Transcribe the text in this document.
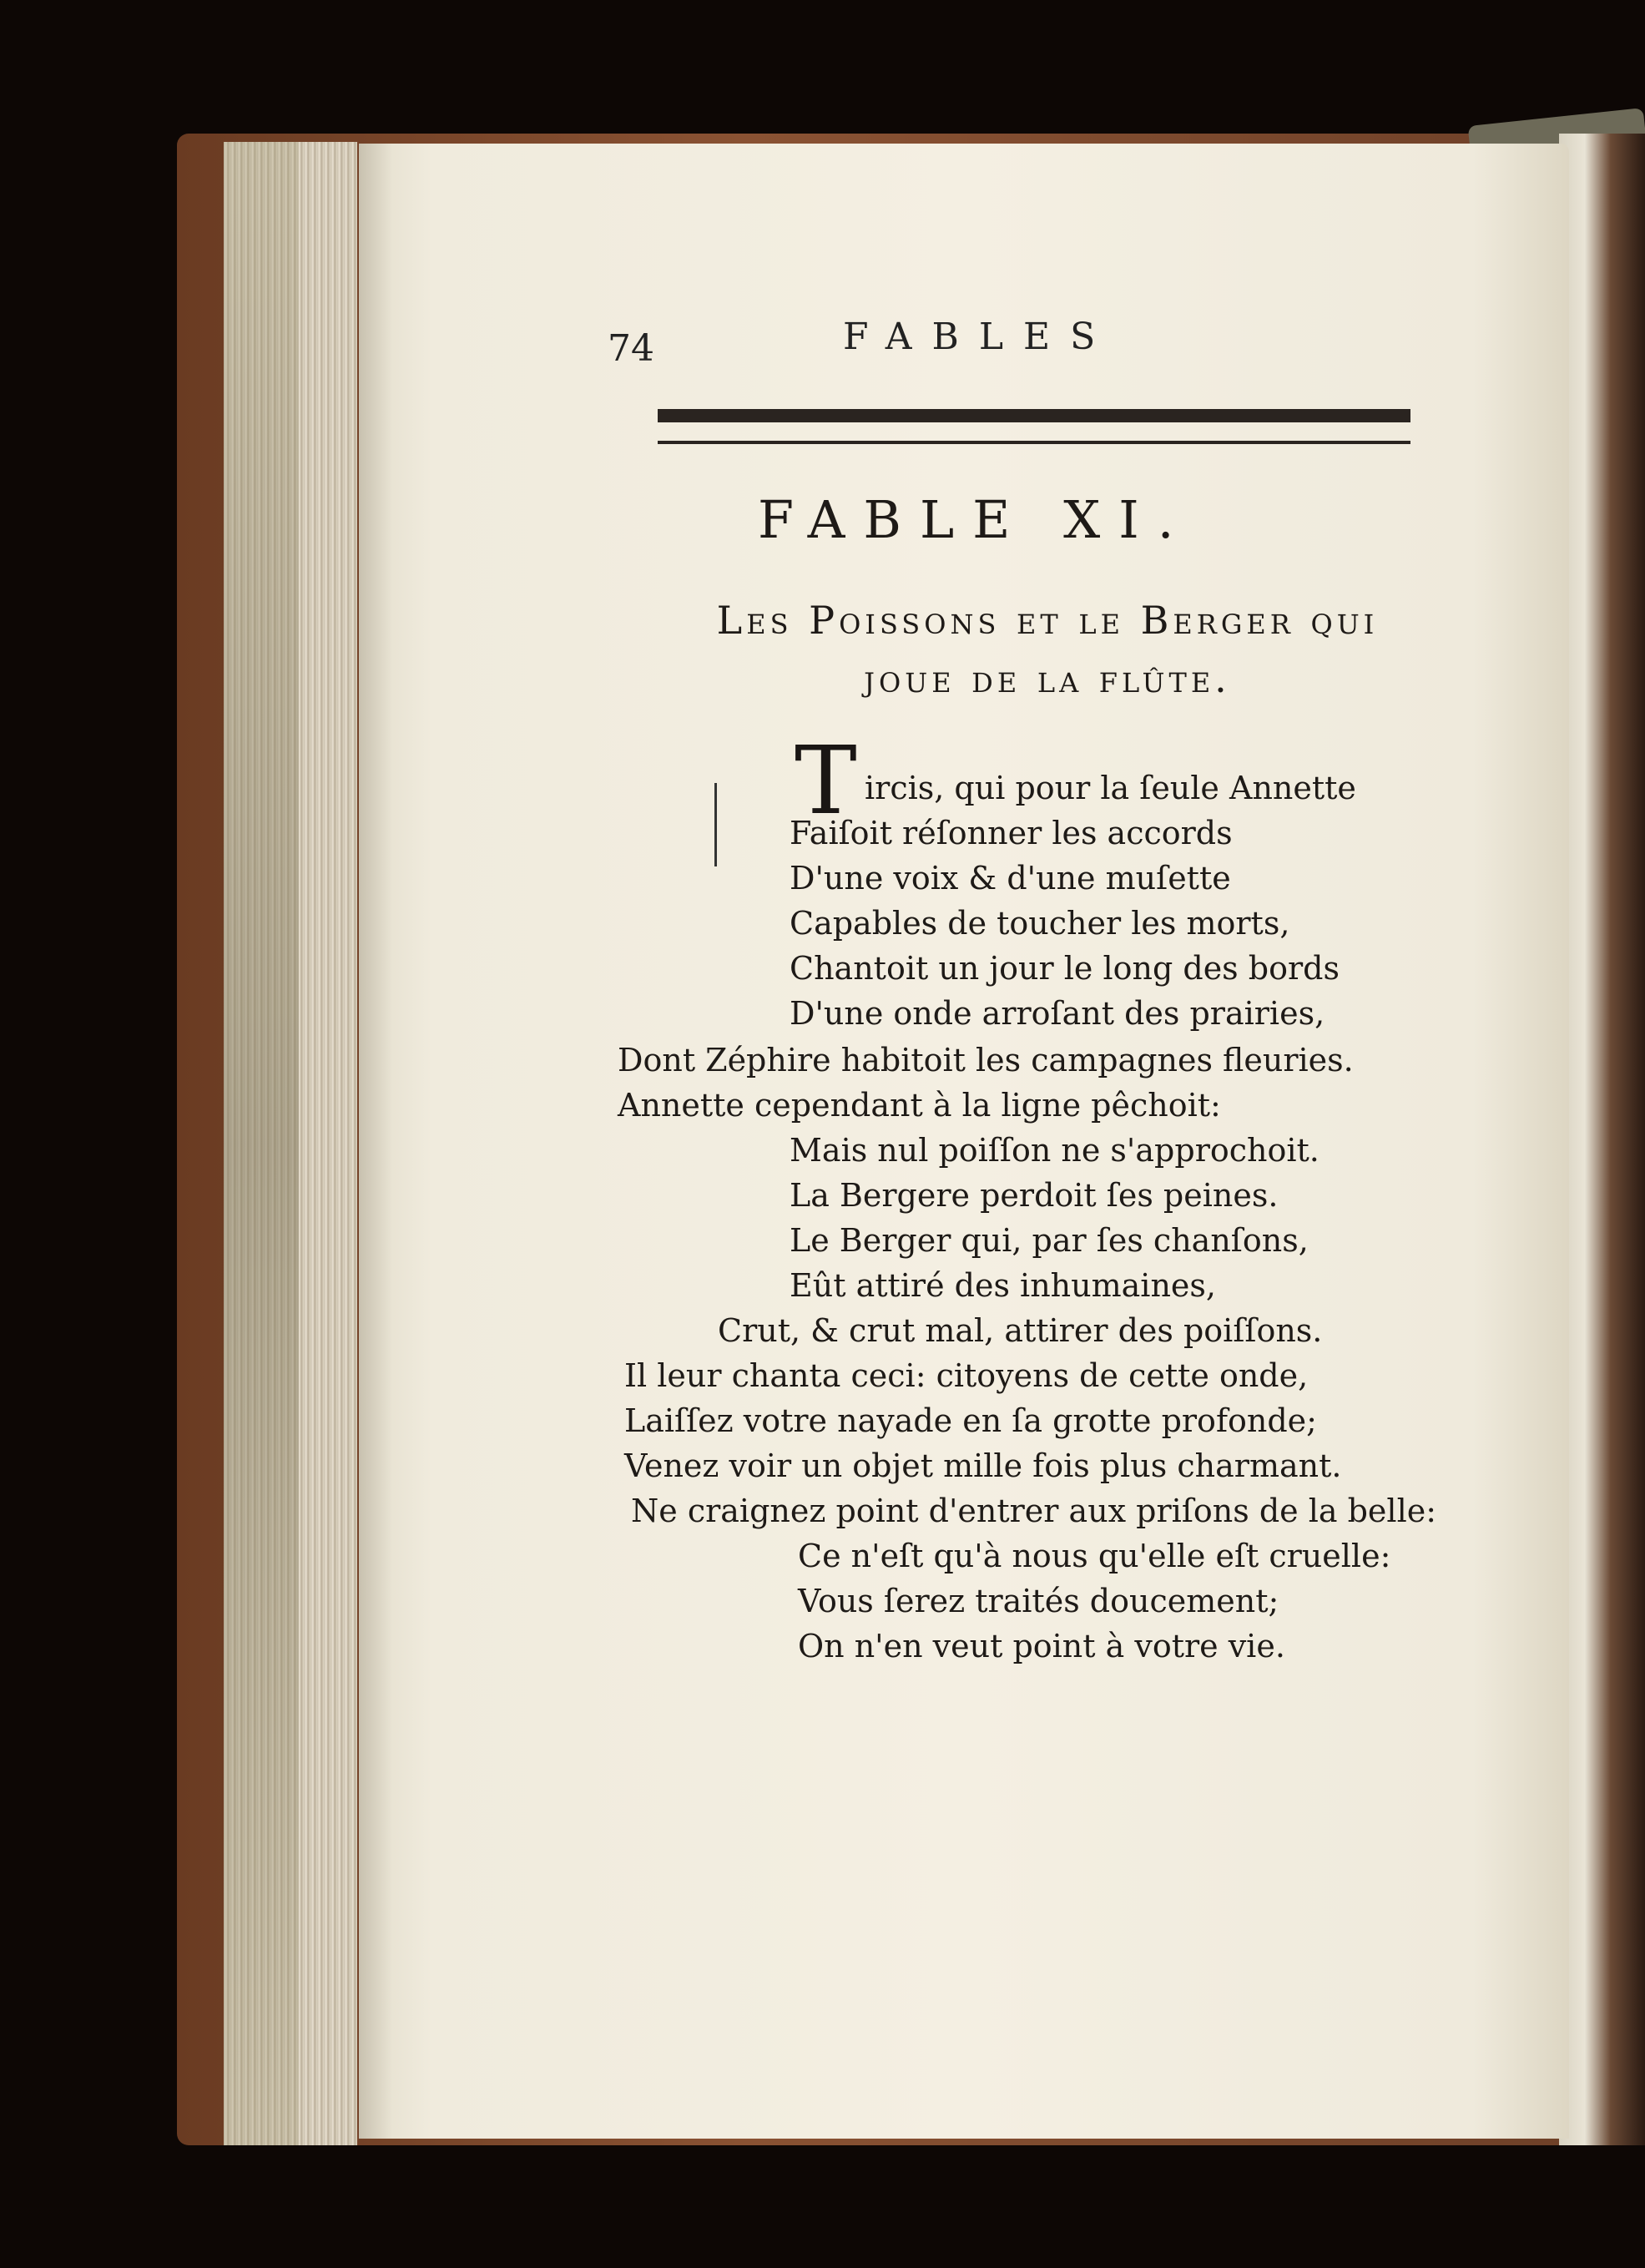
74	FABLES
FABLE XI.
Les Poissons et le Berger qui
joue de la flûte.
T ircis, qui pour la ſeule Annette
Faiſoit réſonner les accords
D'une voix & d'une muſette
Capables de toucher les morts,
Chantoit un jour le long des bords
D'une onde arroſant des prairies,
Dont Zéphire habitoit les campagnes fleuries.
Annette cependant à la ligne pêchoit:
Mais nul poiſſon ne s'approchoit.
La Bergere perdoit ſes peines.
Le Berger qui, par ſes chanſons,
Eût attiré des inhumaines,
Crut, & crut mal, attirer des poiſſons.
Il leur chanta ceci: citoyens de cette onde,
Laiſſez votre nayade en ſa grotte profonde;
Venez voir un objet mille fois plus charmant.
Ne craignez point d'entrer aux priſons de la belle:
Ce n'eſt qu'à nous qu'elle eſt cruelle:
Vous ſerez traités doucement;
On n'en veut point à votre vie.
